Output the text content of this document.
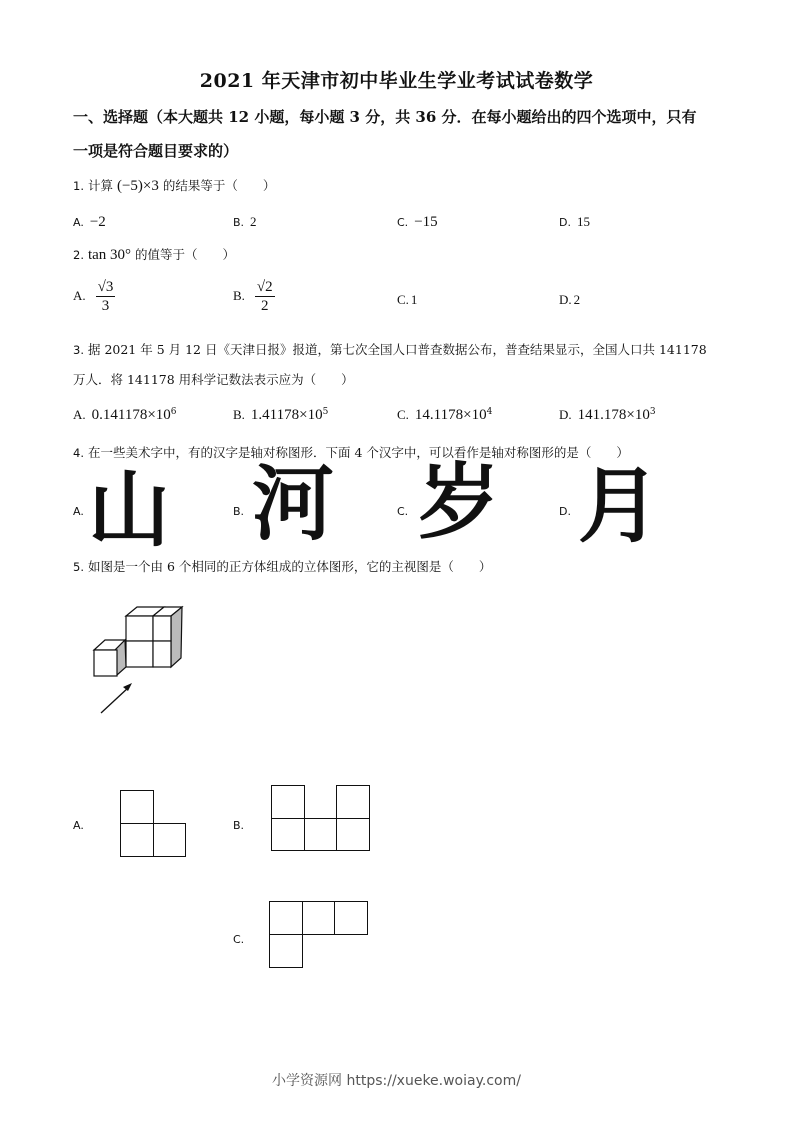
2021 年天津市初中毕业生学业考试试卷数学
一、选择题（本大题共 12 小题，每小题 3 分，共 36 分．在每小题给出的四个选项中，只有
一项是符合题目要求的）
1. 计算 (−5)×3 的结果等于（　　）
A. −2	B. 2	C. −15	D. 15
2. tan 30° 的值等于（　　）
A. $\frac{√3}{3}$	B. $\frac{√2}{2}$	C. 1	D. 2
3. 据 2021 年 5 月 12 日《天津日报》报道，第七次全国人口普查数据公布，普查结果显示，全国人口共 141178
万人．将 141178 用科学记数法表示应为（　　）
A. $0.141178\times 10^6$	B. $1.41178\times 10^5$	C. $14.1178\times 10^4$	D. $141.178\times 10^3$
4. 在一些美术字中，有的汉字是轴对称图形．下面 4 个汉字中，可以看作是轴对称图形的是（　　）
A. 山	B. 河	C. 岁	D. 月
5. 如图是一个由 6 个相同的正方体组成的立体图形，它的主视图是（　　）
A.	B.
C.
小学资源网 https://xueke.woiay.com/
